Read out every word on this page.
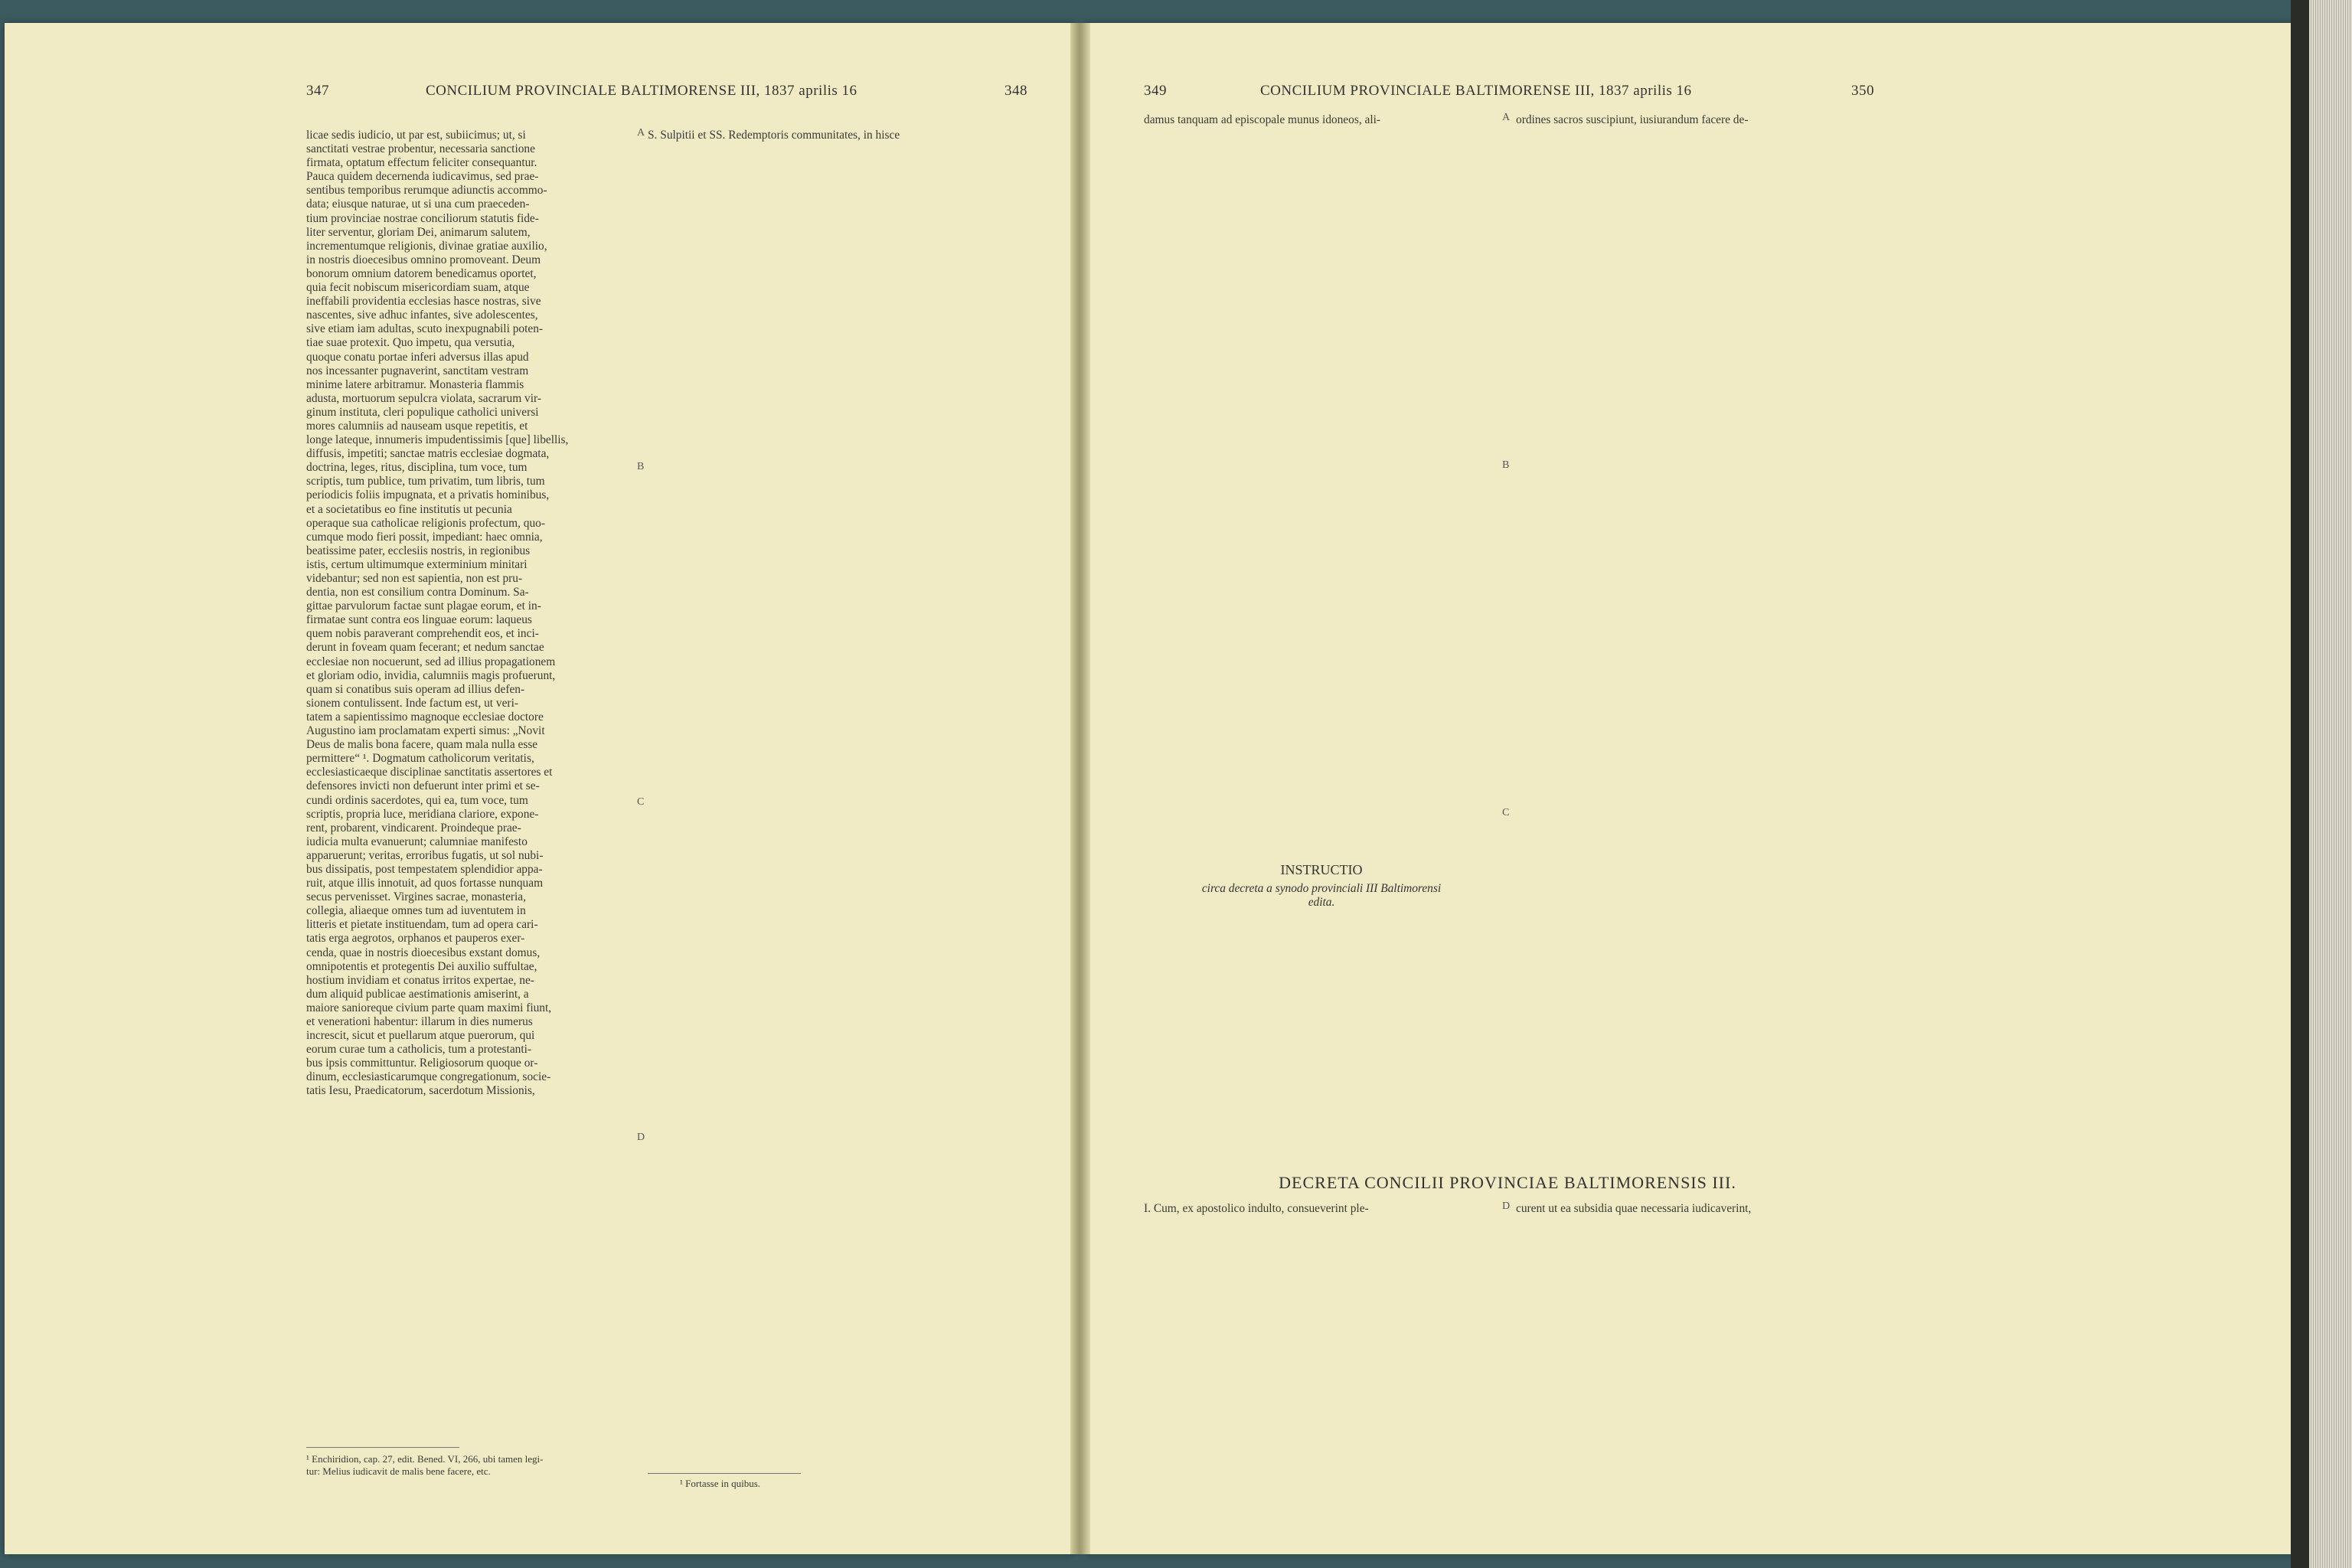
347	CONCILIUM PROVINCIALE BALTIMORENSE III, 1837 aprilis 16	348	349	CONCILIUM PROVINCIALE BALTIMORENSE III, 1837 aprilis 16	350

licae sedis iudicio, ut par est, subiicimus; ut, si
sanctitati vestrae probentur, necessaria sanctione
firmata, optatum effectum feliciter consequantur.
Pauca quidem decernenda iudicavimus, sed prae-
sentibus temporibus rerumque adiunctis accommo-
data; eiusque naturae, ut si una cum praeceden-
tium provinciae nostrae conciliorum statutis fide-
liter serventur, gloriam Dei, animarum salutem,
incrementumque religionis, divinae gratiae auxilio,
in nostris dioecesibus omnino promoveant. Deum
bonorum omnium datorem benedicamus oportet,
quia fecit nobiscum misericordiam suam, atque
ineffabili providentia ecclesias hasce nostras, sive
nascentes, sive adhuc infantes, sive adolescentes,
sive etiam iam adultas, scuto inexpugnabili poten-
tiae suae protexit. Quo impetu, qua versutia,
quoque conatu portae inferi adversus illas apud
nos incessanter pugnaverint, sanctitam vestram
minime latere arbitramur. Monasteria flammis
adusta, mortuorum sepulcra violata, sacrarum vir-
ginum instituta, cleri populique catholici universi
mores calumniis ad nauseam usque repetitis, et
longe lateque, innumeris impudentissimis [que] libellis,
diffusis, impetiti; sanctae matris ecclesiae dogmata,
doctrina, leges, ritus, disciplina, tum voce, tum
scriptis, tum publice, tum privatim, tum libris, tum
periodicis foliis impugnata, et a privatis hominibus,
et a societatibus eo fine institutis ut pecunia
operaque sua catholicae religionis profectum, quo-
cumque modo fieri possit, impediant: haec omnia,
beatissime pater, ecclesiis nostris, in regionibus
istis, certum ultimumque exterminium minitari
videbantur; sed non est sapientia, non est pru-
dentia, non est consilium contra Dominum. Sa-
gittae parvulorum factae sunt plagae eorum, et in-
firmatae sunt contra eos linguae eorum: laqueus
quem nobis paraverant comprehendit eos, et inci-
derunt in foveam quam fecerant; et nedum sanctae
ecclesiae non nocuerunt, sed ad illius propagationem
et gloriam odio, invidia, calumniis magis profuerunt,
quam si conatibus suis operam ad illius defen-
sionem contulissent. Inde factum est, ut veri-
tatem a sapientissimo magnoque ecclesiae doctore
Augustino iam proclamatam experti simus: „Novit
Deus de malis bona facere, quam mala nulla esse
permittere“ ¹. Dogmatum catholicorum veritatis,
ecclesiasticaeque disciplinae sanctitatis assertores et
defensores invicti non defuerunt inter primi et se-
cundi ordinis sacerdotes, qui ea, tum voce, tum
scriptis, propria luce, meridiana clariore, expone-
rent, probarent, vindicarent. Proindeque prae-
iudicia multa evanuerunt; calumniae manifesto
apparuerunt; veritas, erroribus fugatis, ut sol nubi-
bus dissipatis, post tempestatem splendidior appa-
ruit, atque illis innotuit, ad quos fortasse nunquam
secus pervenisset. Virgines sacrae, monasteria,
collegia, aliaeque omnes tum ad iuventutem in
litteris et pietate instituendam, tum ad opera cari-
tatis erga aegrotos, orphanos et pauperos exer-
cenda, quae in nostris dioecesibus exstant domus,
omnipotentis et protegentis Dei auxilio suffultae,
hostium invidiam et conatus irritos expertae, ne-
dum aliquid publicae aestimationis amiserint, a
maiore sanioreque civium parte quam maximi fiunt,
et venerationi habentur: illarum in dies numerus
increscit, sicut et puellarum atque puerorum, qui
eorum curae tum a catholicis, tum a protestanti-
bus ipsis committuntur. Religiosorum quoque or-
dinum, ecclesiasticarumque congregationum, socie-
tatis Iesu, Praedicatorum, sacerdotum Missionis,

S. Sulpitii et SS. Redemptoris communitates, in hisce

¹ Enchiridion, cap. 27, edit. Bened. VI, 266, ubi tamen legi-
tur: Melius iudicavit de malis bene facere, etc.
¹ Fortasse in quibus.
A
B
C
D

damus tanquam ad episcopale munus idoneos, ali-

INSTRUCTIO
circa decreta a synodo provinciali III Baltimorensi
edita.

ordines sacros suscipiunt, iusiurandum facere de-

DECRETA CONCILII PROVINCIAE BALTIMORENSIS III.

I. Cum, ex apostolico indulto, consueverint ple-	curent ut ea subsidia quae necessaria iudicaverint,

A
B
C
D
